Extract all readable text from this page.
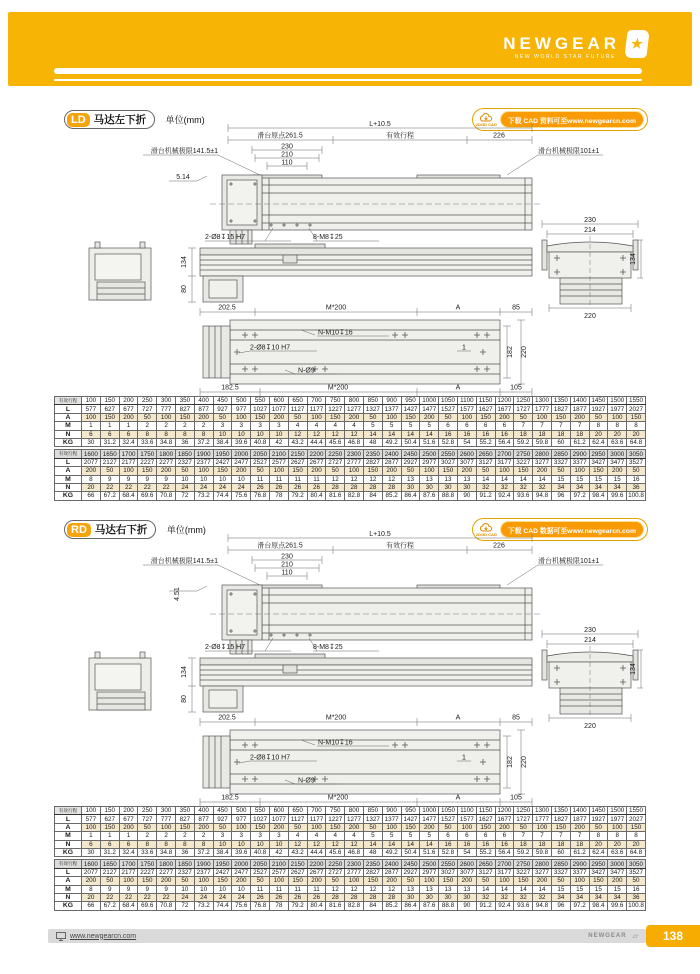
NEWGEAR ★
NEW WORLD STAR FUTURE
LD 马达左下折 单位(mm)	2D/3D CAD	下载 CAD 资料可至www.newgearcn.com
L+10.5
滑台原点261.5	有效行程	226
230
210
110
滑台机械极限141.5±1	滑台机械极限101±1
5.14
2-Ø8↧15 H7	8-M8↧25
134
80
202.5	M*200	A	85
230
214
134
220
N-M10↧16
2-Ø8↧10 H7	1	182 220
N-Ø9
182.5	M*200	A	105
有效行程	100	150	200	250	300	350	400	450	500	550	600	650	700	750	800	850	900	950	1000	1050	1100	1150	1200	1250	1300	1350	1400	1450	1500	1550
L	577	627	677	727	777	827	877	927	977	1027	1077	1127	1177	1227	1277	1327	1377	1427	1477	1527	1577	1627	1677	1727	1777	1827	1877	1927	1977	2027
A	100	150	200	50	100	150	200	50	100	150	200	50	100	150	200	50	100	150	200	50	100	150	200	50	100	150	200	50	100	150
M	1	1	1	2	2	2	2	3	3	3	3	4	4	4	4	5	5	5	5	6	6	6	6	7	7	7	7	8	8	8
N	6	6	6	8	8	8	8	10	10	10	10	12	12	12	12	14	14	14	14	16	16	16	16	18	18	18	18	20	20	20
KG	30	31.2	32.4	33.6	34.8	36	37.2	38.4	39.6	40.8	42	43.2	44.4	45.6	46.8	48	49.2	50.4	51.6	52.8	54	55.2	56.4	59.2	59.8	60	61.2	62.4	63.6	64.8
有效行程	1600	1650	1700	1750	1800	1850	1900	1950	2000	2050	2100	2150	2200	2250	2300	2350	2400	2450	2500	2550	2600	2650	2700	2750	2800	2850	2900	2950	3000	3050
L	2077	2127	2177	2227	2277	2327	2377	2427	2477	2527	2577	2627	2677	2727	2777	2827	2877	2927	2977	3027	3077	3127	3177	3227	3277	3327	3377	3427	3477	3527
A	200	50	100	150	200	50	100	150	200	50	100	150	200	50	100	150	200	50	100	150	200	50	100	150	200	50	100	150	200	50
M	8	9	9	9	9	10	10	10	10	11	11	11	11	12	12	12	12	13	13	13	13	14	14	14	14	15	15	15	15	16
N	20	22	22	22	22	24	24	24	24	26	26	26	26	28	28	28	28	30	30	30	30	32	32	32	32	34	34	34	34	36
KG	66	67.2	68.4	69.6	70.8	72	73.2	74.4	75.6	76.8	78	79.2	80.4	81.6	82.8	84	85.2	86.4	87.6	88.8	90	91.2	92.4	93.6	94.8	96	97.2	98.4	99.6	100.8
RD 马达右下折 单位(mm)	2D/3D CAD	下载 CAD 数据可至www.newgearcn.com
L+10.5
滑台原点261.5	有效行程	226
230
210
110
滑台机械极限141.5±1	滑台机械极限101±1
4.51
2-Ø8↧15 H7	8-M8↧25
134
80
202.5	M*200	A	85
230
214
134
220
N-M10↧16
2-Ø8↧10 H7	1	182 220
N-Ø9
182.5	M*200	A	105
有效行程	100	150	200	250	300	350	400	450	500	550	600	650	700	750	800	850	900	950	1000	1050	1100	1150	1200	1250	1300	1350	1400	1450	1500	1550
L	577	627	677	727	777	827	877	927	977	1027	1077	1127	1177	1227	1277	1327	1377	1427	1477	1527	1577	1627	1677	1727	1777	1827	1877	1927	1977	2027
A	100	150	200	50	100	150	200	50	100	150	200	50	100	150	200	50	100	150	200	50	100	150	200	50	100	150	200	50	100	150
M	1	1	1	2	2	2	2	3	3	3	3	4	4	4	4	5	5	5	5	6	6	6	6	7	7	7	7	8	8	8
N	6	6	6	8	8	8	8	10	10	10	10	12	12	12	12	14	14	14	14	16	16	16	16	18	18	18	18	20	20	20
KG	30	31.2	32.4	33.6	34.8	36	37.2	38.4	39.6	40.8	42	43.2	44.4	45.6	46.8	48	49.2	50.4	51.6	52.8	54	55.2	56.4	59.2	59.8	60	61.2	62.4	63.6	64.8
有效行程	1600	1650	1700	1750	1800	1850	1900	1950	2000	2050	2100	2150	2200	2250	2300	2350	2400	2450	2500	2550	2600	2650	2700	2750	2800	2850	2900	2950	3000	3050
L	2077	2127	2177	2227	2277	2327	2377	2427	2477	2527	2577	2627	2677	2727	2777	2827	2877	2927	2977	3027	3077	3127	3177	3227	3277	3327	3377	3427	3477	3527
A	200	50	100	150	200	50	100	150	200	50	100	150	200	50	100	150	200	50	100	150	200	50	100	150	200	50	100	150	200	50
M	8	9	9	9	9	10	10	10	10	11	11	11	11	12	12	12	12	13	13	13	13	14	14	14	14	15	15	15	15	16
N	20	22	22	22	22	24	24	24	24	26	26	26	26	28	28	28	28	30	30	30	30	32	32	32	32	34	34	34	34	36
KG	66	67.2	68.4	69.6	70.8	72	73.2	74.4	75.6	76.8	78	79.2	80.4	81.6	82.8	84	85.2	86.4	87.6	88.8	90	91.2	92.4	93.6	94.8	96	97.2	98.4	99.6	100.8
www.newgearcn.com	NEWGEAR ▱	138
